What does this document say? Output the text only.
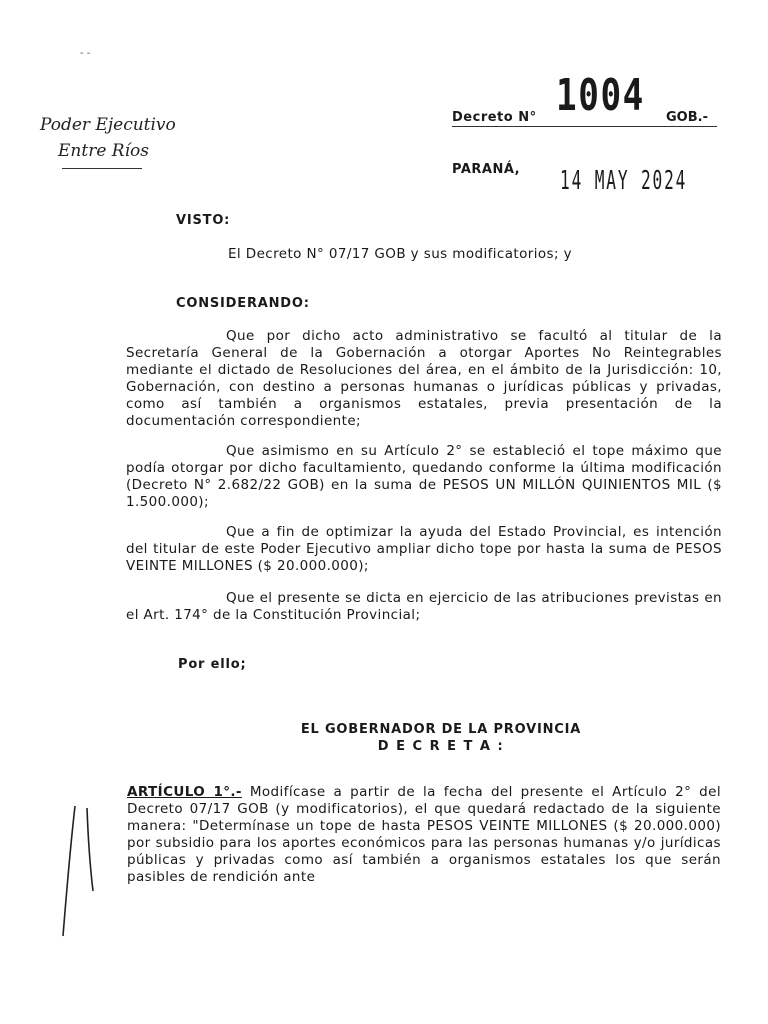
- -
Poder Ejecutivo
Entre Ríos
1004
Decreto N°	GOB.-
PARANÁ, 14 MAY 2024
VISTO:
El Decreto N° 07/17 GOB y sus modificatorios; y
CONSIDERANDO:
Que por dicho acto administrativo se facultó al titular de la Secretaría General de la Gobernación a otorgar Aportes No Reintegrables mediante el dictado de Resoluciones del área, en el ámbito de la Jurisdicción: 10, Gobernación, con destino a personas humanas o jurídicas públicas y privadas, como así también a organismos estatales, previa presentación de la documentación correspondiente;
Que asimismo en su Artículo 2° se estableció el tope máximo que podía otorgar por dicho facultamiento, quedando conforme la última modificación (Decreto N° 2.682/22 GOB) en la suma de PESOS UN MILLÓN QUINIENTOS MIL ($ 1.500.000);
Que a fin de optimizar la ayuda del Estado Provincial, es intención del titular de este Poder Ejecutivo ampliar dicho tope por hasta la suma de PESOS VEINTE MILLONES ($ 20.000.000);
Que el presente se dicta en ejercicio de las atribuciones previstas en el Art. 174° de la Constitución Provincial;
Por ello;
EL GOBERNADOR DE LA PROVINCIA
D E C R E T A :
ARTÍCULO 1°.- Modifícase a partir de la fecha del presente el Artículo 2° del Decreto 07/17 GOB (y modificatorios), el que quedará redactado de la siguiente manera: "Determínase un tope de hasta PESOS VEINTE MILLONES ($ 20.000.000) por subsidio para los aportes económicos para las personas humanas y/o jurídicas públicas y privadas como así también a organismos estatales los que serán pasibles de rendición ante
